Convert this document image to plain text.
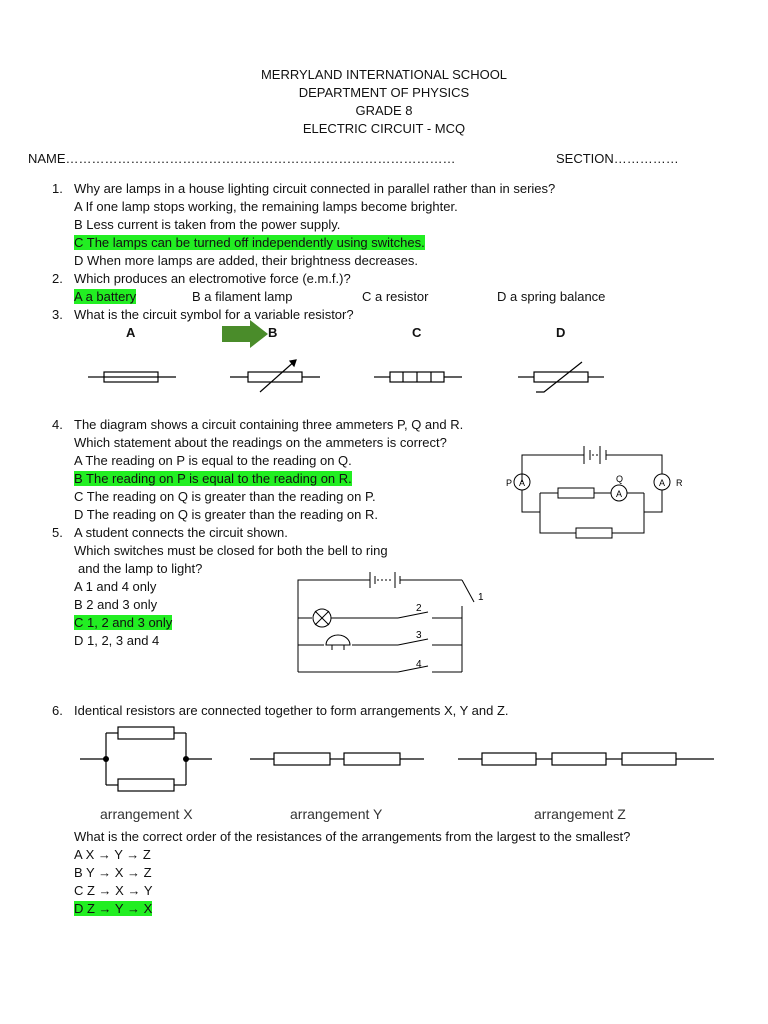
MERRYLAND INTERNATIONAL SCHOOL
DEPARTMENT OF PHYSICS
GRADE 8
ELECTRIC CIRCUIT - MCQ
NAME………………………………………………………………………………	SECTION……………
1. Why are lamps in a house lighting circuit connected in parallel rather than in series?
A If one lamp stops working, the remaining lamps become brighter.
B Less current is taken from the power supply.
C The lamps can be turned off independently using switches.
D When more lamps are added, their brightness decreases.
2. Which produces an electromotive force (e.m.f.)?
A a battery	B a filament lamp	C a resistor	D a spring balance
3. What is the circuit symbol for a variable resistor?
A	B	C	D
4. The diagram shows a circuit containing three ammeters P, Q and R.
Which statement about the readings on the ammeters is correct?
A The reading on P is equal to the reading on Q.
B The reading on P is equal to the reading on R.
C The reading on Q is greater than the reading on P.
D The reading on Q is greater than the reading on R.
A	A
A
P	R
Q
5. A student connects the circuit shown.
Which switches must be closed for both the bell to ring
and the lamp to light?
A 1 and 4 only
B 2 and 3 only
C 1, 2 and 3 only
D 1, 2, 3 and 4
1
2
3
4
6. Identical resistors are connected together to form arrangements X, Y and Z.
arrangement X	arrangement Y	arrangement Z
What is the correct order of the resistances of the arrangements from the largest to the smallest?
A X → Y → Z
B Y → X → Z
C Z → X → Y
D Z → Y → X
